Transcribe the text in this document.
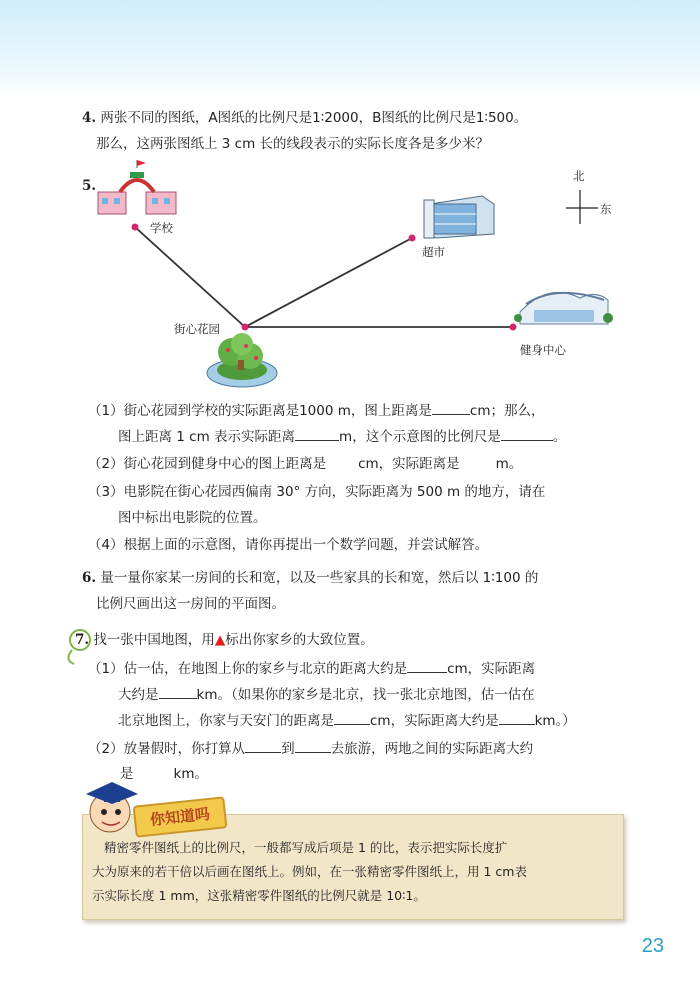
4. 两张不同的图纸，A图纸的比例尺是1∶2000，B图纸的比例尺是1∶500。
那么，这两张图纸上 3 cm 长的线段表示的实际长度各是多少米？
5.
北
东
学校
超市
街心花园
健身中心
（1）街心花园到学校的实际距离是1000 m，图上距离是	cm；那么，
图上距离 1 cm 表示实际距离	m，这个示意图的比例尺是	。
（2）街心花园到健身中心的图上距离是 cm，实际距离是	m。
（3）电影院在街心花园西偏南 30° 方向，实际距离为 500 m 的地方，请在
图中标出电影院的位置。
（4）根据上面的示意图，请你再提出一个数学问题，并尝试解答。
6. 量一量你家某一房间的长和宽，以及一些家具的长和宽，然后以 1∶100 的
比例尺画出这一房间的平面图。
7. 找一张中国地图，用▲标出你家乡的大致位置。
（1）估一估，在地图上你的家乡与北京的距离大约是	cm，实际距离
大约是	km。（如果你的家乡是北京，找一张北京地图，估一估在
北京地图上，你家与天安门的距离是	cm，实际距离大约是	km。）
（2）放暑假时，你打算从	到	去旅游，两地之间的实际距离大约
是	km。
你知道吗
精密零件图纸上的比例尺，一般都写成后项是 1 的比，表示把实际长度扩
大为原来的若干倍以后画在图纸上。例如，在一张精密零件图纸上，用 1 cm表
示实际长度 1 mm，这张精密零件图纸的比例尺就是 10∶1。
23
